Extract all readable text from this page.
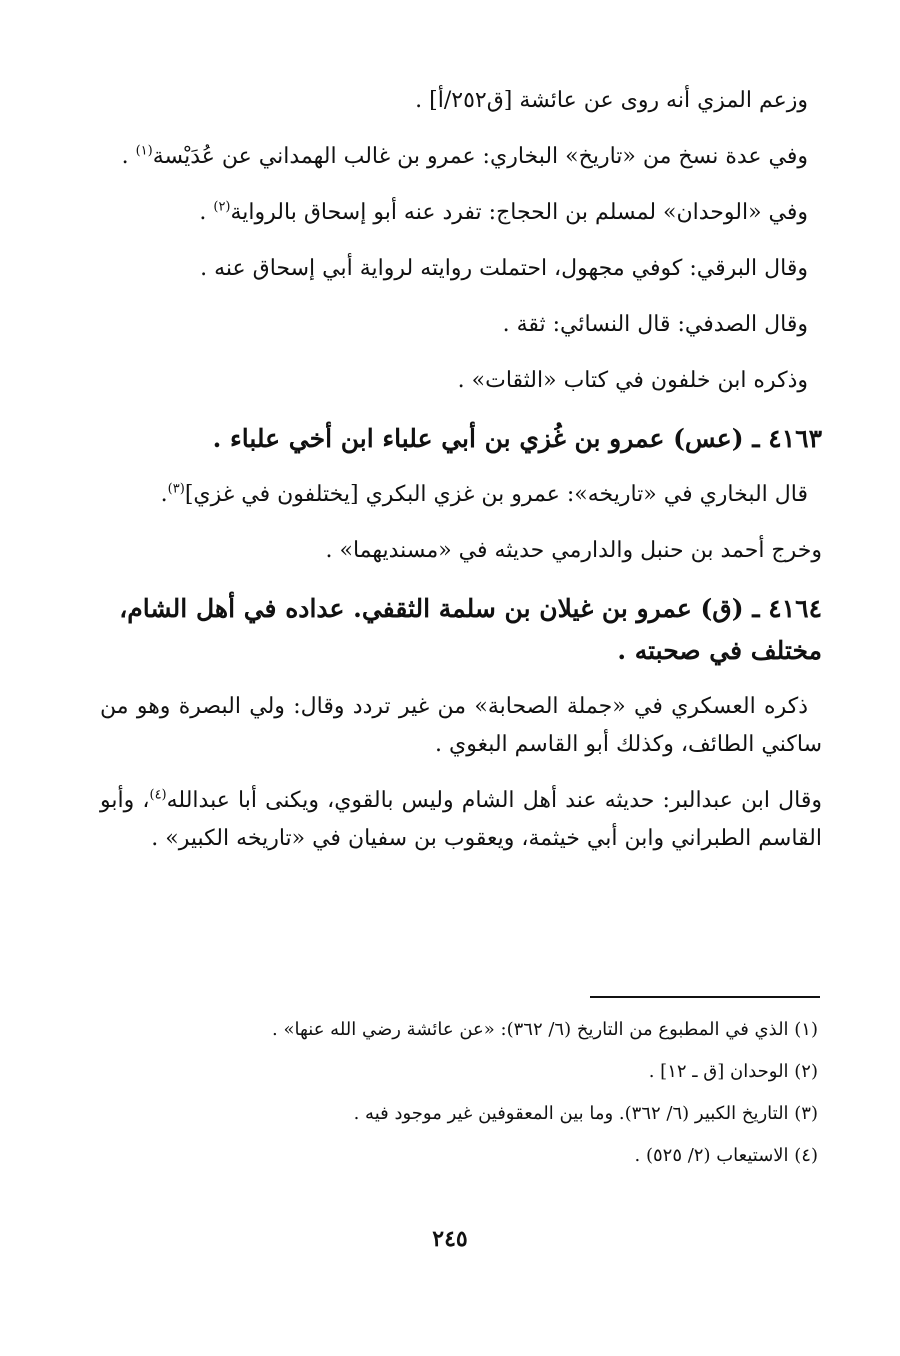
وزعم المزي أنه روى عن عائشة [ق٢٥٢/أ] .

وفي عدة نسخ من «تاريخ» البخاري: عمرو بن غالب الهمداني عن عُدَيْسة$^{(١)}$ .

وفي «الوحدان» لمسلم بن الحجاج: تفرد عنه أبو إسحاق بالرواية$^{(٢)}$ .

وقال البرقي: كوفي مجهول، احتملت روايته لرواية أبي إسحاق عنه .

وقال الصدفي: قال النسائي: ثقة .

وذكره ابن خلفون في كتاب «الثقات» .

٤١٦٣ ـ (عس) عمرو بن غُزي بن أبي علباء ابن أخي علباء .

قال البخاري في «تاريخه»: عمرو بن غزي البكري [يختلفون في غزي]$^{(٣)}$.

وخرج أحمد بن حنبل والدارمي حديثه في «مسنديهما» .

٤١٦٤ ـ (ق) عمرو بن غيلان بن سلمة الثقفي. عداده في أهل الشام، مختلف في صحبته .

ذكره العسكري في «جملة الصحابة» من غير تردد وقال: ولي البصرة وهو من ساكني الطائف، وكذلك أبو القاسم البغوي .

وقال ابن عبدالبر: حديثه عند أهل الشام وليس بالقوي، ويكنى أبا عبدالله$^{(٤)}$، وأبو القاسم الطبراني وابن أبي خيثمة، ويعقوب بن سفيان في «تاريخه الكبير» .

(١) الذي في المطبوع من التاريخ (٦/ ٣٦٢): «عن عائشة رضي الله عنها» .
(٢) الوحدان [ق ـ ١٢] .
(٣) التاريخ الكبير (٦/ ٣٦٢). وما بين المعقوفين غير موجود فيه .
(٤) الاستيعاب (٢/ ٥٢٥) .
٢٤٥
